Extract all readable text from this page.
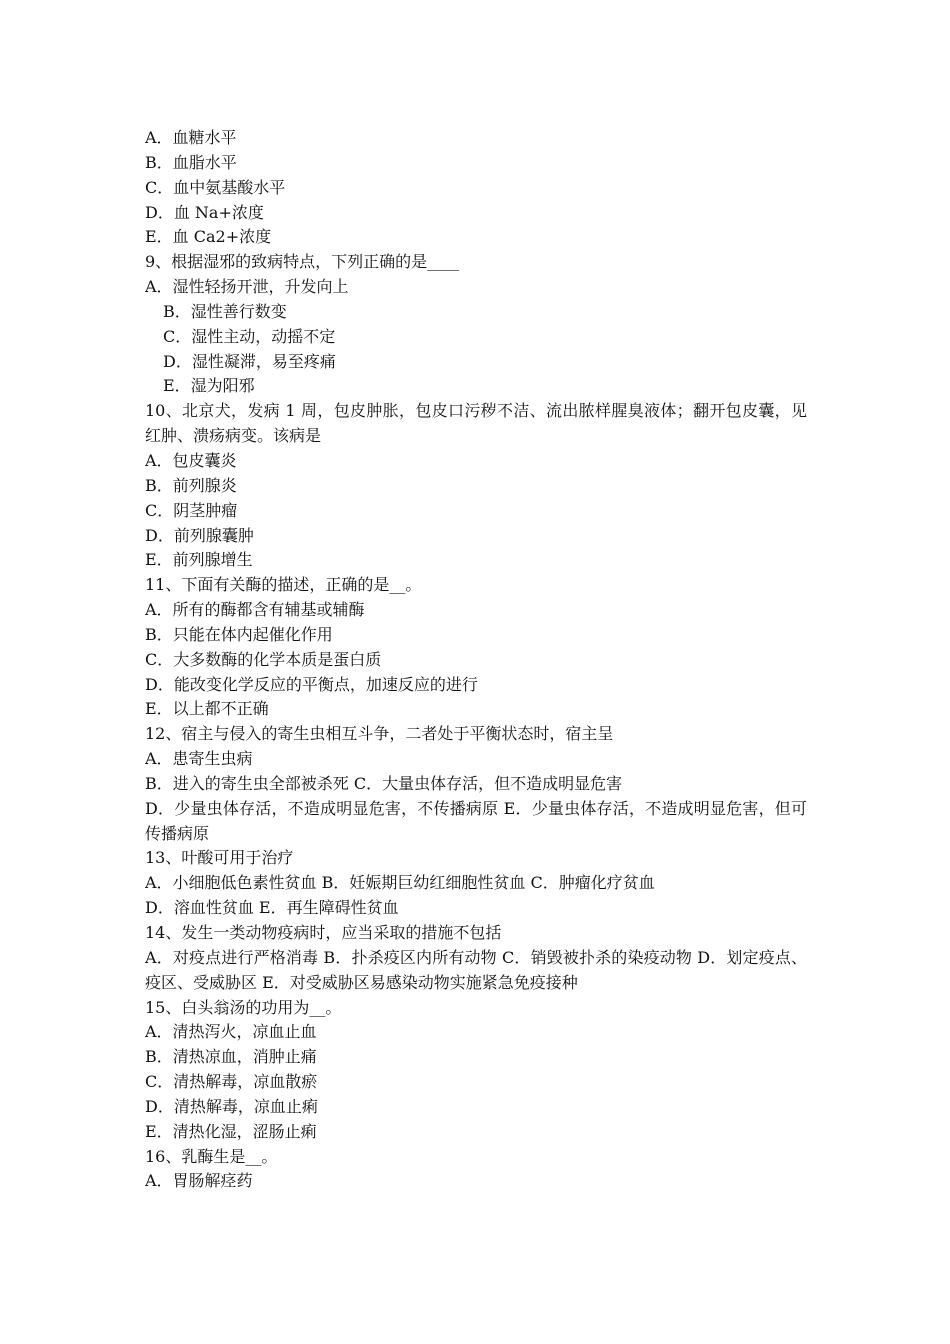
A．血糖水平
B．血脂水平
C．血中氨基酸水平
D．血 Na+浓度
E．血 Ca2+浓度
9、根据湿邪的致病特点，下列正确的是____
A．湿性轻扬开泄，升发向上
B．湿性善行数变
C．湿性主动，动摇不定
D．湿性凝滞，易至疼痛
E．湿为阳邪
10、北京犬，发病 1 周，包皮肿胀，包皮口污秽不洁、流出脓样腥臭液体；翻开包皮囊，见红肿、溃疡病变。该病是
A．包皮囊炎
B．前列腺炎
C．阴茎肿瘤
D．前列腺囊肿
E．前列腺增生
11、下面有关酶的描述，正确的是__。
A．所有的酶都含有辅基或辅酶
B．只能在体内起催化作用
C．大多数酶的化学本质是蛋白质
D．能改变化学反应的平衡点，加速反应的进行
E．以上都不正确
12、宿主与侵入的寄生虫相互斗争，二者处于平衡状态时，宿主呈
A．患寄生虫病
B．进入的寄生虫全部被杀死 C．大量虫体存活，但不造成明显危害
D．少量虫体存活，不造成明显危害，不传播病原 E．少量虫体存活，不造成明显危害，但可传播病原
13、叶酸可用于治疗
A．小细胞低色素性贫血 B．妊娠期巨幼红细胞性贫血 C．肿瘤化疗贫血
D．溶血性贫血 E．再生障碍性贫血
14、发生一类动物疫病时，应当采取的措施不包括
A．对疫点进行严格消毒 B．扑杀疫区内所有动物 C．销毁被扑杀的染疫动物 D．划定疫点、疫区、受威胁区 E．对受威胁区易感染动物实施紧急免疫接种
15、白头翁汤的功用为__。
A．清热泻火，凉血止血
B．清热凉血，消肿止痛
C．清热解毒，凉血散瘀
D．清热解毒，凉血止痢
E．清热化湿，涩肠止痢
16、乳酶生是__。
A．胃肠解痉药
